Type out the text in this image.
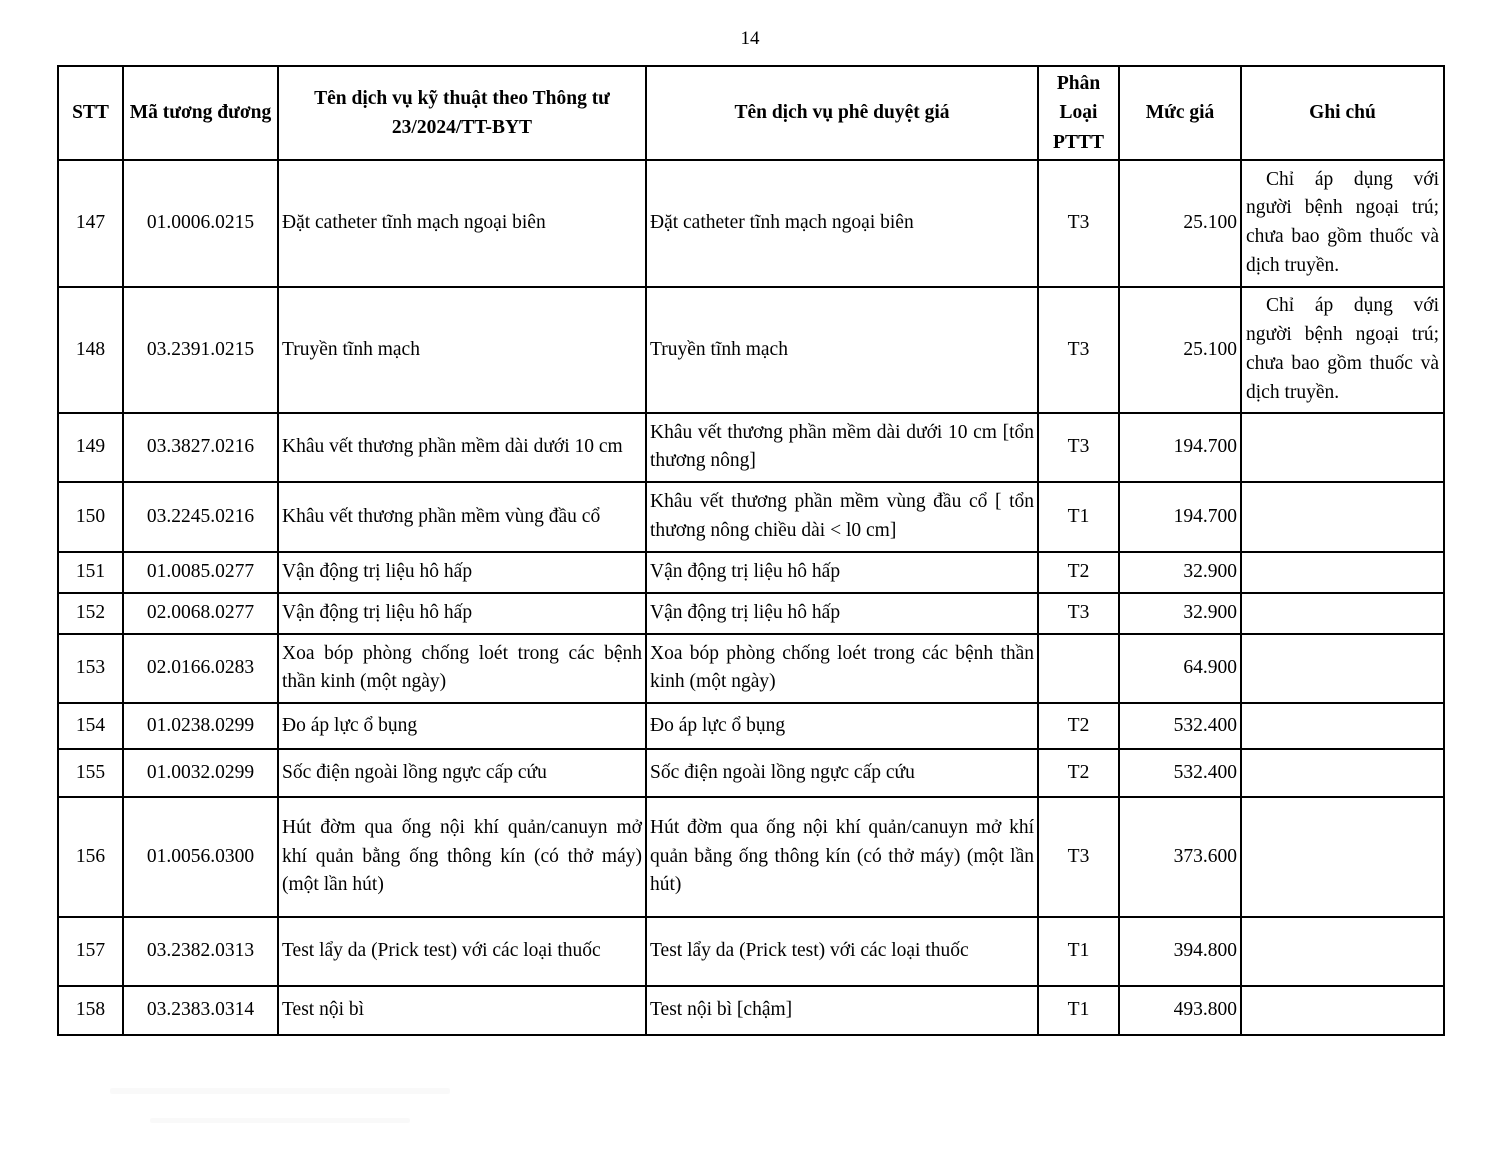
14
STT	Mã tương đương	Tên dịch vụ kỹ thuật theo Thông tư 23/2024/TT-BYT	Tên dịch vụ phê duyệt giá	Phân Loại PTTT	Mức giá	Ghi chú
147	01.0006.0215	Đặt catheter tĩnh mạch ngoại biên	Đặt catheter tĩnh mạch ngoại biên	T3	25.100	Chỉ áp dụng với người bệnh ngoại trú; chưa bao gồm thuốc và dịch truyền.
148	03.2391.0215	Truyền tĩnh mạch	Truyền tĩnh mạch	T3	25.100	Chỉ áp dụng với người bệnh ngoại trú; chưa bao gồm thuốc và dịch truyền.
149	03.3827.0216	Khâu vết thương phần mềm dài dưới 10 cm	Khâu vết thương phần mềm dài dưới 10 cm [tổn thương nông]	T3	194.700	
150	03.2245.0216	Khâu vết thương phần mềm vùng đầu cổ	Khâu vết thương phần mềm vùng đầu cổ [ tổn thương nông chiều dài < l0 cm]	T1	194.700	
151	01.0085.0277	Vận động trị liệu hô hấp	Vận động trị liệu hô hấp	T2	32.900	
152	02.0068.0277	Vận động trị liệu hô hấp	Vận động trị liệu hô hấp	T3	32.900	
153	02.0166.0283	Xoa bóp phòng chống loét trong các bệnh thần kinh (một ngày)	Xoa bóp phòng chống loét trong các bệnh thần kinh (một ngày)		64.900	
154	01.0238.0299	Đo áp lực ổ bụng	Đo áp lực ổ bụng	T2	532.400	
155	01.0032.0299	Sốc điện ngoài lồng ngực cấp cứu	Sốc điện ngoài lồng ngực cấp cứu	T2	532.400	
156	01.0056.0300	Hút đờm qua ống nội khí quản/canuyn mở khí quản bằng ống thông kín (có thở máy) (một lần hút)	Hút đờm qua ống nội khí quản/canuyn mở khí quản bằng ống thông kín (có thở máy) (một lần hút)	T3	373.600	
157	03.2382.0313	Test lẩy da (Prick test) với các loại thuốc	Test lẩy da (Prick test) với các loại thuốc	T1	394.800	
158	03.2383.0314	Test nội bì	Test nội bì [chậm]	T1	493.800	
